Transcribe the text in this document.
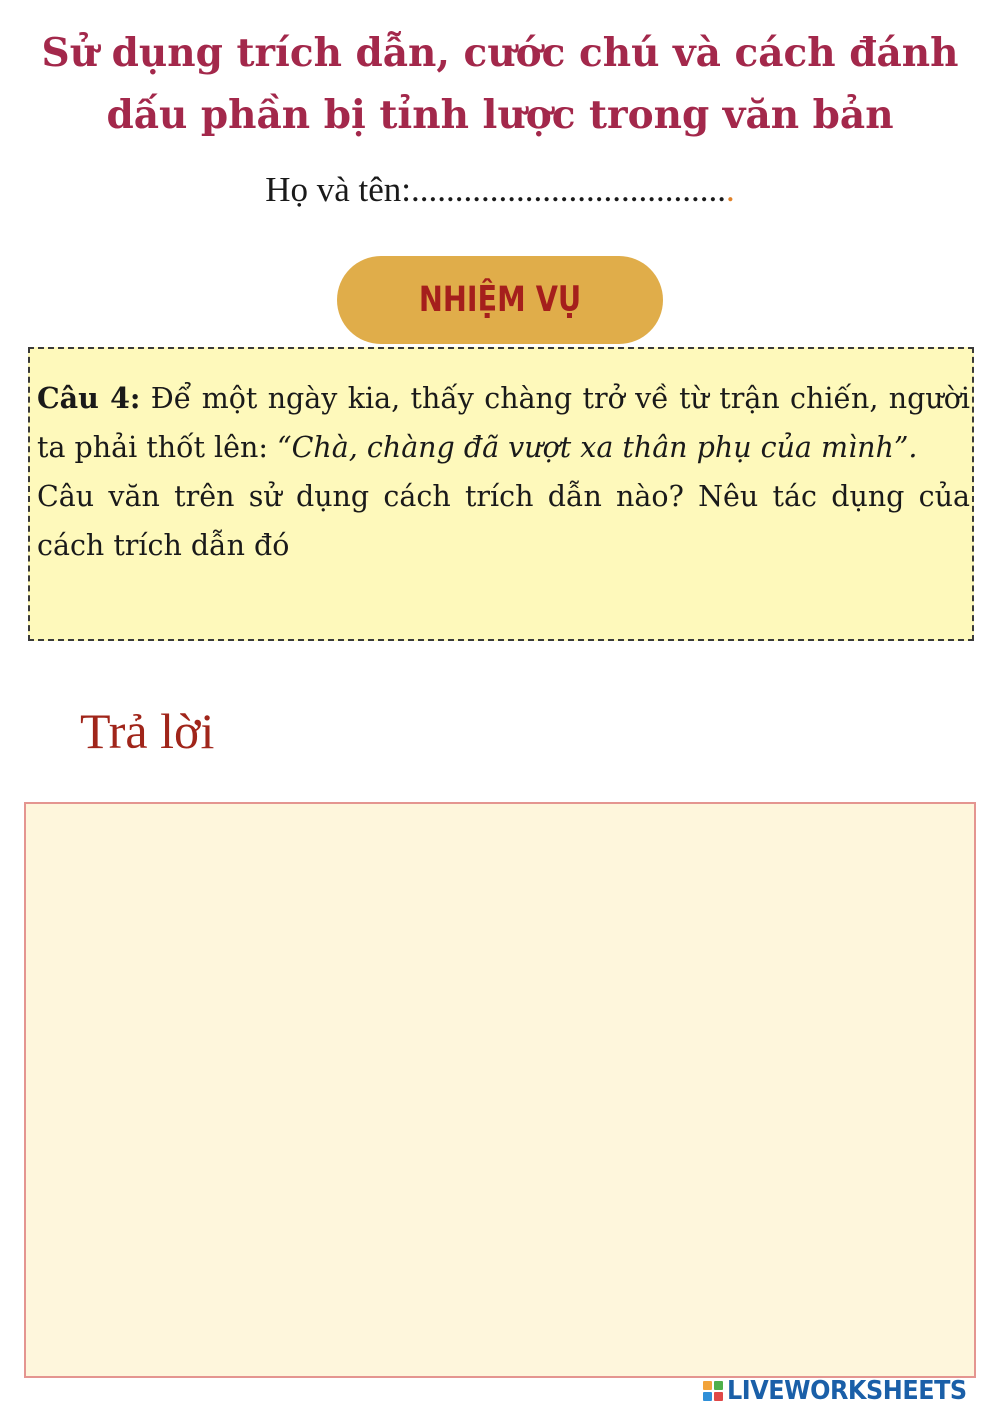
Sử dụng trích dẫn, cước chú và cách đánh
dấu phần bị tỉnh lược trong văn bản
Họ và tên:.....................................
NHIỆM VỤ

Câu 4: Để một ngày kia, thấy chàng trở về từ trận chiến, người ta phải thốt lên: “Chà, chàng đã vượt xa thân phụ của mình”.
Câu văn trên sử dụng cách trích dẫn nào? Nêu tác dụng của cách trích dẫn đó

Trả lời

LIVEWORKSHEETS
